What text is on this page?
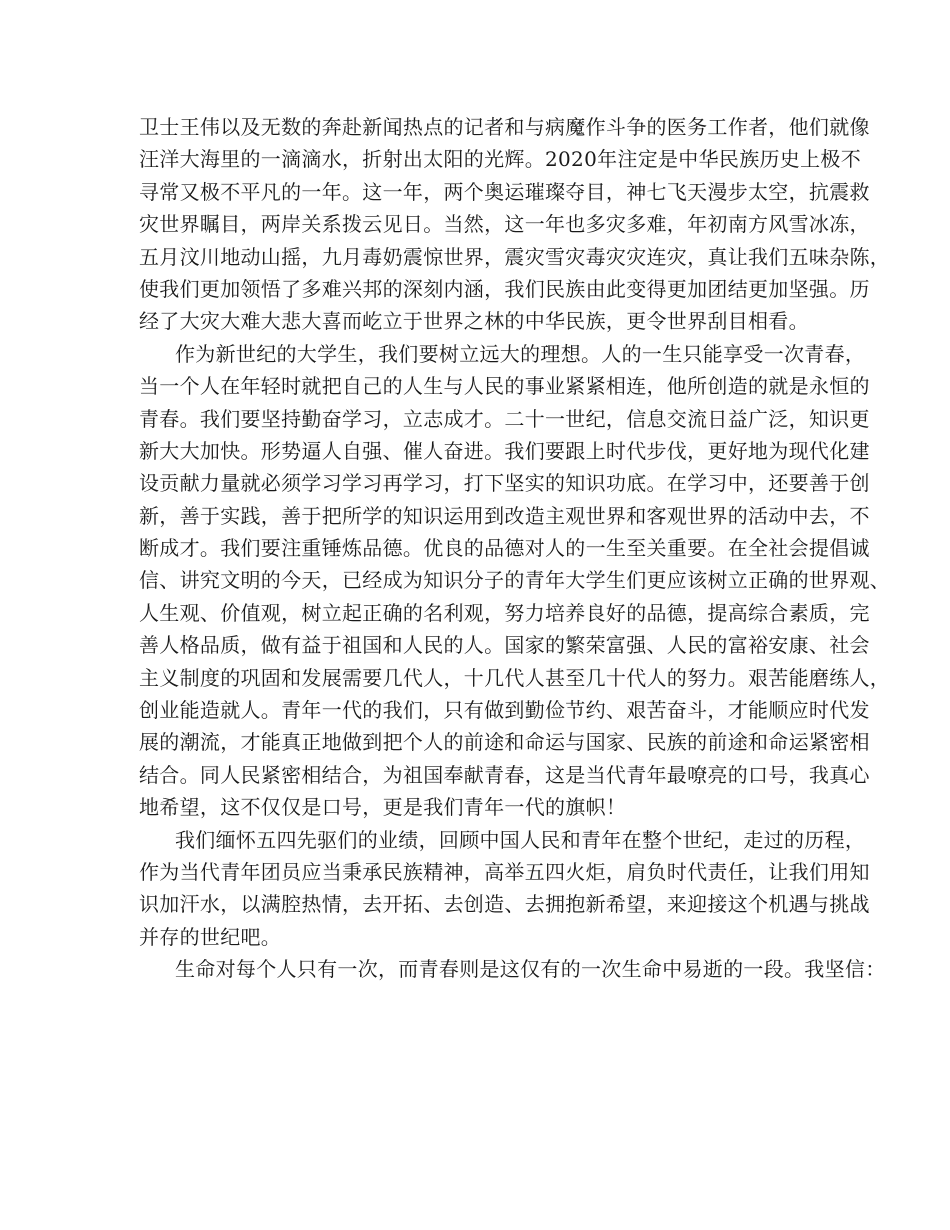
卫士王伟以及无数的奔赴新闻热点的记者和与病魔作斗争的医务工作者，他们就像
汪洋大海里的一滴滴水，折射出太阳的光辉。2020年注定是中华民族历史上极不
寻常又极不平凡的一年。这一年，两个奥运璀璨夺目，神七飞天漫步太空，抗震救
灾世界瞩目，两岸关系拨云见日。当然，这一年也多灾多难，年初南方风雪冰冻，
五月汶川地动山摇，九月毒奶震惊世界，震灾雪灾毒灾灾连灾，真让我们五味杂陈，
使我们更加领悟了多难兴邦的深刻内涵，我们民族由此变得更加团结更加坚强。历
经了大灾大难大悲大喜而屹立于世界之林的中华民族，更令世界刮目相看。
作为新世纪的大学生，我们要树立远大的理想。人的一生只能享受一次青春，
当一个人在年轻时就把自己的人生与人民的事业紧紧相连，他所创造的就是永恒的
青春。我们要坚持勤奋学习，立志成才。二十一世纪，信息交流日益广泛，知识更
新大大加快。形势逼人自强、催人奋进。我们要跟上时代步伐，更好地为现代化建
设贡献力量就必须学习学习再学习，打下坚实的知识功底。在学习中，还要善于创
新，善于实践，善于把所学的知识运用到改造主观世界和客观世界的活动中去，不
断成才。我们要注重锤炼品德。优良的品德对人的一生至关重要。在全社会提倡诚
信、讲究文明的今天，已经成为知识分子的青年大学生们更应该树立正确的世界观、
人生观、价值观，树立起正确的名利观，努力培养良好的品德，提高综合素质，完
善人格品质，做有益于祖国和人民的人。国家的繁荣富强、人民的富裕安康、社会
主义制度的巩固和发展需要几代人，十几代人甚至几十代人的努力。艰苦能磨练人，
创业能造就人。青年一代的我们，只有做到勤俭节约、艰苦奋斗，才能顺应时代发
展的潮流，才能真正地做到把个人的前途和命运与国家、民族的前途和命运紧密相
结合。同人民紧密相结合，为祖国奉献青春，这是当代青年最嘹亮的口号，我真心
地希望，这不仅仅是口号，更是我们青年一代的旗帜！
我们缅怀五四先驱们的业绩，回顾中国人民和青年在整个世纪，走过的历程，
作为当代青年团员应当秉承民族精神，高举五四火炬，肩负时代责任，让我们用知
识加汗水，以满腔热情，去开拓、去创造、去拥抱新希望，来迎接这个机遇与挑战
并存的世纪吧。
生命对每个人只有一次，而青春则是这仅有的一次生命中易逝的一段。我坚信：
